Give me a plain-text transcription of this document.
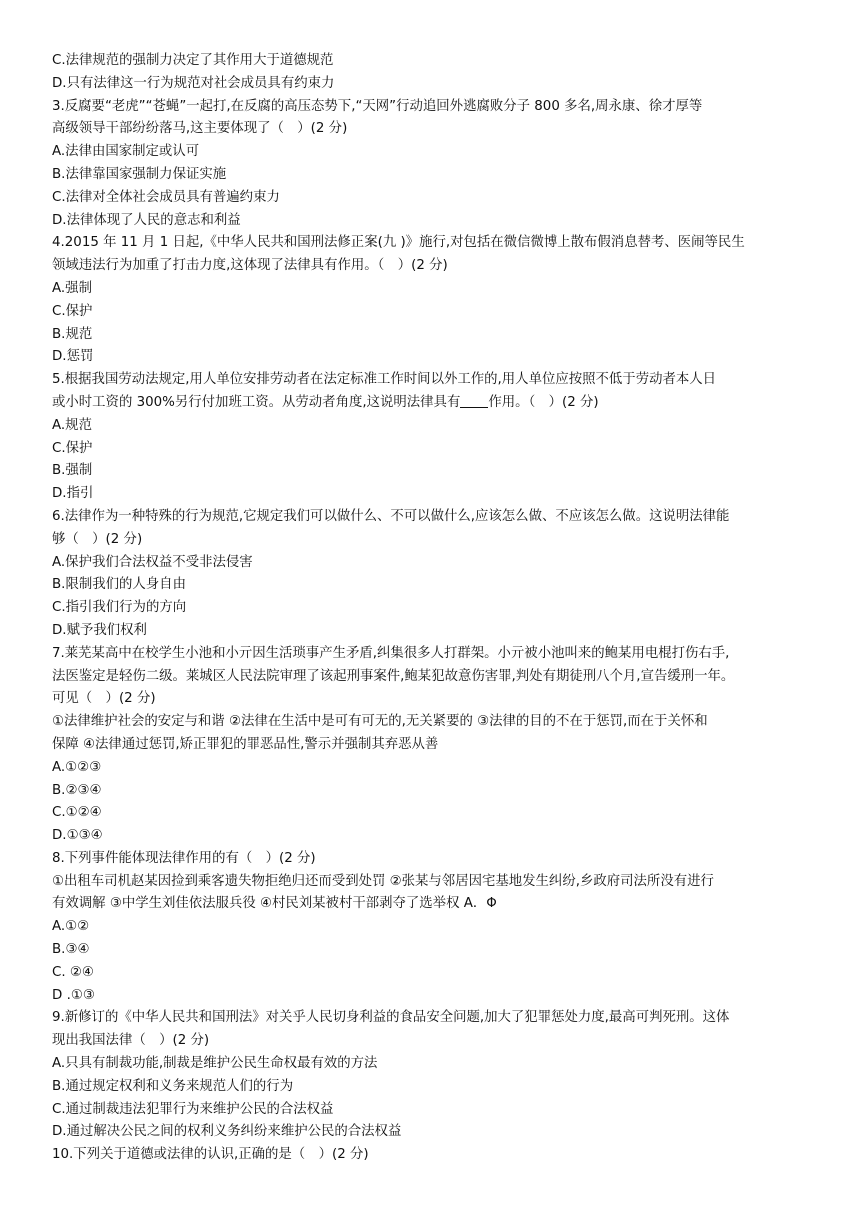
C.法律规范的强制力决定了其作用大于道德规范
D.只有法律这一行为规范对社会成员具有约束力
3.反腐要“老虎”“苍蝇”一起打,在反腐的高压态势下,“天网”行动追回外逃腐败分子 800 多名,周永康、徐才厚等
高级领导干部纷纷落马,这主要体现了（　）(2 分)
A.法律由国家制定或认可
B.法律靠国家强制力保证实施
C.法律对全体社会成员具有普遍约束力
D.法律体现了人民的意志和利益
4.2015 年 11 月 1 日起,《中华人民共和国刑法修正案(九 )》施行,对包括在微信微博上散布假消息替考、医闹等民生
领域违法行为加重了打击力度,这体现了法律具有作用。（　）(2 分)
A.强制
C.保护
B.规范
D.惩罚
5.根据我国劳动法规定,用人单位安排劳动者在法定标准工作时间以外工作的,用人单位应按照不低于劳动者本人日
或小时工资的 300%另行付加班工资。从劳动者角度,这说明法律具有 作用。（　）(2 分)
A.规范
C.保护
B.强制
D.指引
6.法律作为一种特殊的行为规范,它规定我们可以做什么、不可以做什么,应该怎么做、不应该怎么做。这说明法律能
够（　）(2 分)
A.保护我们合法权益不受非法侵害
B.限制我们的人身自由
C.指引我们行为的方向
D.赋予我们权利
7.莱芜某高中在校学生小池和小亓因生活琐事产生矛盾,纠集很多人打群架。小亓被小池叫来的鲍某用电棍打伤右手,
法医鉴定是轻伤二级。莱城区人民法院审理了该起刑事案件,鲍某犯故意伤害罪,判处有期徒刑八个月,宣告缓刑一年。
可见（　）(2 分)
①法律维护社会的安定与和谐 ②法律在生活中是可有可无的,无关紧要的 ③法律的目的不在于惩罚,而在于关怀和
保障 ④法律通过惩罚,矫正罪犯的罪恶品性,警示并强制其弃恶从善
A.①②③
B.②③④
C.①②④
D.①③④
8.下列事件能体现法律作用的有（　）(2 分)
①出租车司机赵某因捡到乘客遗失物拒绝归还而受到处罚 ②张某与邻居因宅基地发生纠纷,乡政府司法所没有进行
有效调解 ③中学生刘佳依法服兵役 ④村民刘某被村干部剥夺了选举权 A．Φ
A.①②
B.③④
C. ②④
D .①③
9.新修订的《中华人民共和国刑法》对关乎人民切身利益的食品安全问题,加大了犯罪惩处力度,最高可判死刑。这体
现出我国法律（　）(2 分)
A.只具有制裁功能,制裁是维护公民生命权最有效的方法
B.通过规定权利和义务来规范人们的行为
C.通过制裁违法犯罪行为来维护公民的合法权益
D.通过解决公民之间的权利义务纠纷来维护公民的合法权益
10.下列关于道德或法律的认识,正确的是（　）(2 分)
